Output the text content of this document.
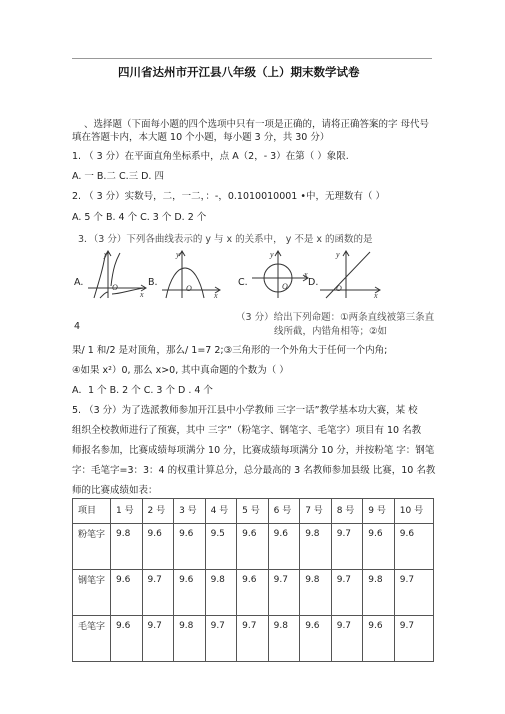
四川省达州市开江县八年级（上）期末数学试卷
、选择题（下面每小题的四个选项中只有一项是正确的，请将正确答案的字 母代号
填在答题卡内，本大题 10 个小题，每小题 3 分，共 30 分）
1. （ 3 分）在平面直角坐标系中，点 A（2，- 3）在第（ ）象限.
A. 一 B.二 C.三 D. 四
2. （ 3 分）实数号，二，一二，：-，0.1010010001 •中，无理数有（ ）
A. 5 个 B. 4 个 C. 3 个 D. 2 个
3．（3 分）下列各曲线表示的 y 与 x 的关系中， y 不是 x 的函数的是
A.
y
O
x
B.
y
O
x
C.
y
O
x
D.
y
O
x
4
（3 分）给出下列命题：①两条直线被第三条直
线所截，内错角相等；②如
果/ 1 和/2 是对顶角，那么/ 1=7 2;③三角形的一个外角大于任何一个内角;
④如果 x²）0, 那么 x>0, 其中真命题的个数为（ ）
A．1 个 B. 2 个 C. 3 个 D . 4 个
5. （3 分）为了选派教师参加开江县中小学教师 三字一话”教学基本功大赛，某 校
组织全校教师进行了预赛，其中 三字”（粉笔字、钢笔字、毛笔字）项目有 10 名教
师报名参加，比赛成绩每项满分 10 分，比赛成绩每项满分 10 分，并按粉笔 字：钢笔
字：毛笔字=3：3：4 的权重计算总分，总分最高的 3 名教师参加县级 比赛，10 名教
师的比赛成绩如表：
项目	1 号	2 号	3 号	4 号	5 号	6 号	7 号	8 号	9 号	10 号
粉笔字	9.8	9.6	9.6	9.5	9.6	9.6	9.8	9.7	9.6	9.6
钢笔字	9.6	9.7	9.6	9.8	9.6	9.7	9.8	9.7	9.8	9.7
毛笔字	9.6	9.7	9.8	9.7	9.7	9.8	9.6	9.7	9.6	9.7
